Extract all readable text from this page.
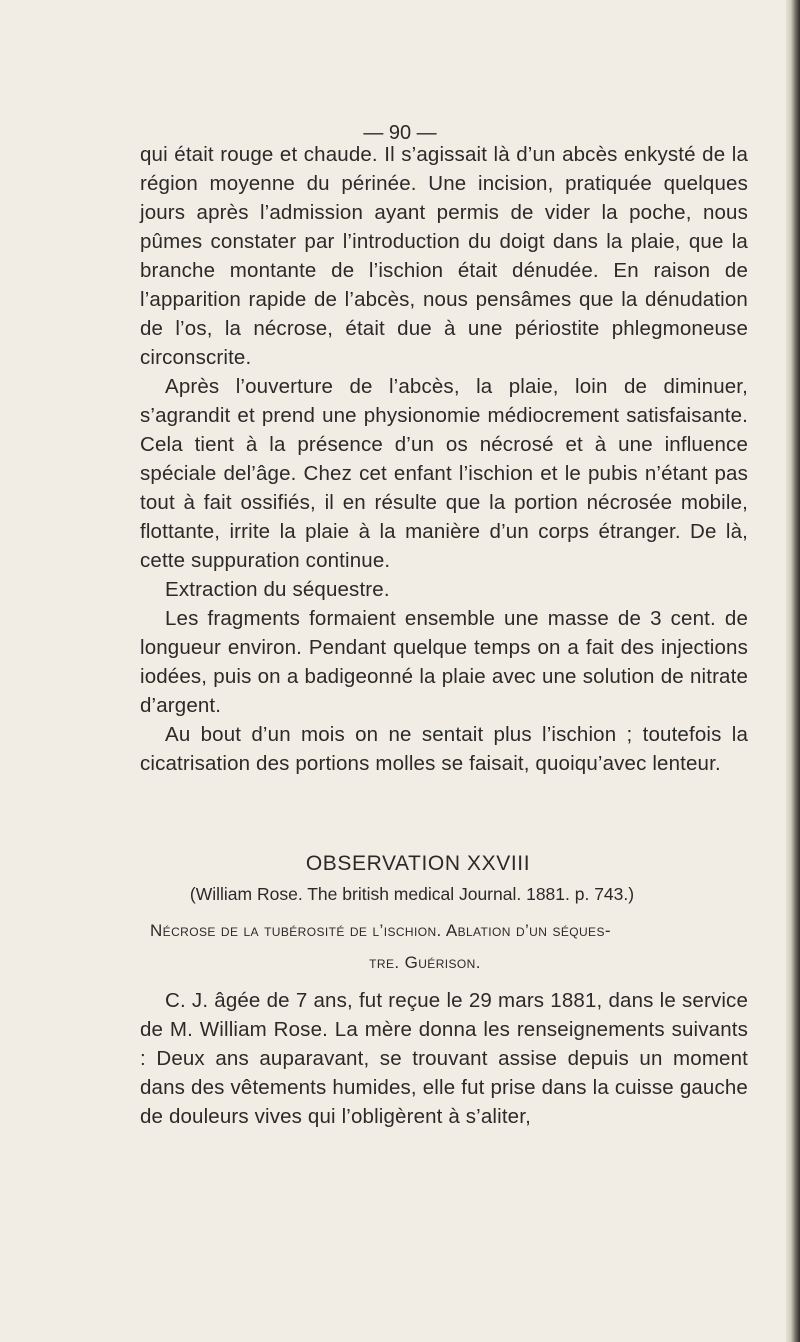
— 90 —

qui était rouge et chaude. Il s’agissait là d’un abcès enkysté de la région moyenne du périnée. Une incision, pratiquée quelques jours après l’admission ayant permis de vider la poche, nous pûmes constater par l’introduction du doigt dans la plaie, que la branche montante de l’ischion était dénudée. En raison de l’apparition rapide de l’abcès, nous pensâmes que la dénudation de l’os, la nécrose, était due à une périostite phlegmoneuse circonscrite.

Après l’ouverture de l’abcès, la plaie, loin de diminuer, s’agrandit et prend une physionomie médiocrement satisfaisante. Cela tient à la présence d’un os nécrosé et à une influence spéciale del’âge. Chez cet enfant l’ischion et le pubis n’étant pas tout à fait ossifiés, il en résulte que la portion nécrosée mobile, flottante, irrite la plaie à la manière d’un corps étranger. De là, cette suppuration continue.

Extraction du séquestre.

Les fragments formaient ensemble une masse de 3 cent. de longueur environ. Pendant quelque temps on a fait des injections iodées, puis on a badigeonné la plaie avec une solution de nitrate d’argent.

Au bout d’un mois on ne sentait plus l’ischion ; toutefois la cicatrisation des portions molles se faisait, quoiqu’avec lenteur.

OBSERVATION XXVIII
(William Rose. The british medical Journal. 1881. p. 743.)
Nécrose de la tubérosité de l’ischion. Ablation d’un séques-
tre. Guérison.

C. J. âgée de 7 ans, fut reçue le 29 mars 1881, dans le service de M. William Rose. La mère donna les renseignements suivants : Deux ans auparavant, se trouvant assise depuis un moment dans des vêtements humides, elle fut prise dans la cuisse gauche de douleurs vives qui l’obligèrent à s’aliter,
